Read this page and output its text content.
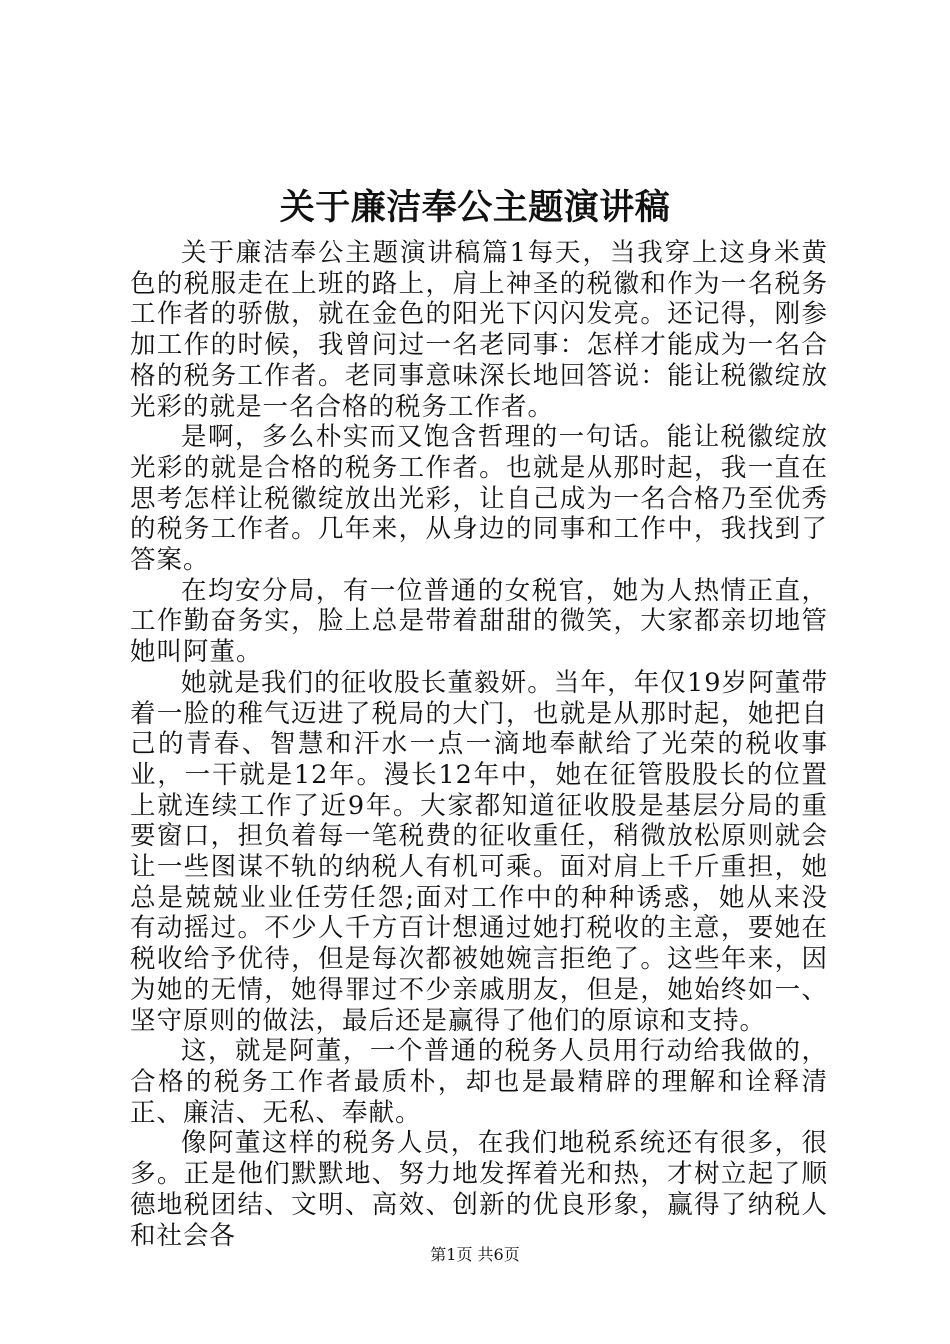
关于廉洁奉公主题演讲稿

关于廉洁奉公主题演讲稿篇1每天，当我穿上这身米黄色的税服走在上班的路上，肩上神圣的税徽和作为一名税务工作者的骄傲，就在金色的阳光下闪闪发亮。还记得，刚参加工作的时候，我曾问过一名老同事：怎样才能成为一名合格的税务工作者。老同事意味深长地回答说：能让税徽绽放光彩的就是一名合格的税务工作者。

是啊，多么朴实而又饱含哲理的一句话。能让税徽绽放光彩的就是合格的税务工作者。也就是从那时起，我一直在思考怎样让税徽绽放出光彩，让自己成为一名合格乃至优秀的税务工作者。几年来，从身边的同事和工作中，我找到了答案。

在均安分局，有一位普通的女税官，她为人热情正直，工作勤奋务实，脸上总是带着甜甜的微笑，大家都亲切地管她叫阿董。

她就是我们的征收股长董毅妍。当年，年仅19岁阿董带着一脸的稚气迈进了税局的大门，也就是从那时起，她把自己的青春、智慧和汗水一点一滴地奉献给了光荣的税收事业，一干就是12年。漫长12年中，她在征管股股长的位置上就连续工作了近9年。大家都知道征收股是基层分局的重要窗口，担负着每一笔税费的征收重任，稍微放松原则就会让一些图谋不轨的纳税人有机可乘。面对肩上千斤重担，她总是兢兢业业任劳任怨;面对工作中的种种诱惑，她从来没有动摇过。不少人千方百计想通过她打税收的主意，要她在税收给予优待，但是每次都被她婉言拒绝了。这些年来，因为她的无情，她得罪过不少亲戚朋友，但是，她始终如一、坚守原则的做法，最后还是赢得了他们的原谅和支持。

这，就是阿董，一个普通的税务人员用行动给我做的，合格的税务工作者最质朴，却也是最精辟的理解和诠释清正、廉洁、无私、奉献。

像阿董这样的税务人员，在我们地税系统还有很多，很多。正是他们默默地、努力地发挥着光和热，才树立起了顺德地税团结、文明、高效、创新的优良形象，赢得了纳税人和社会各

第1页 共6页
